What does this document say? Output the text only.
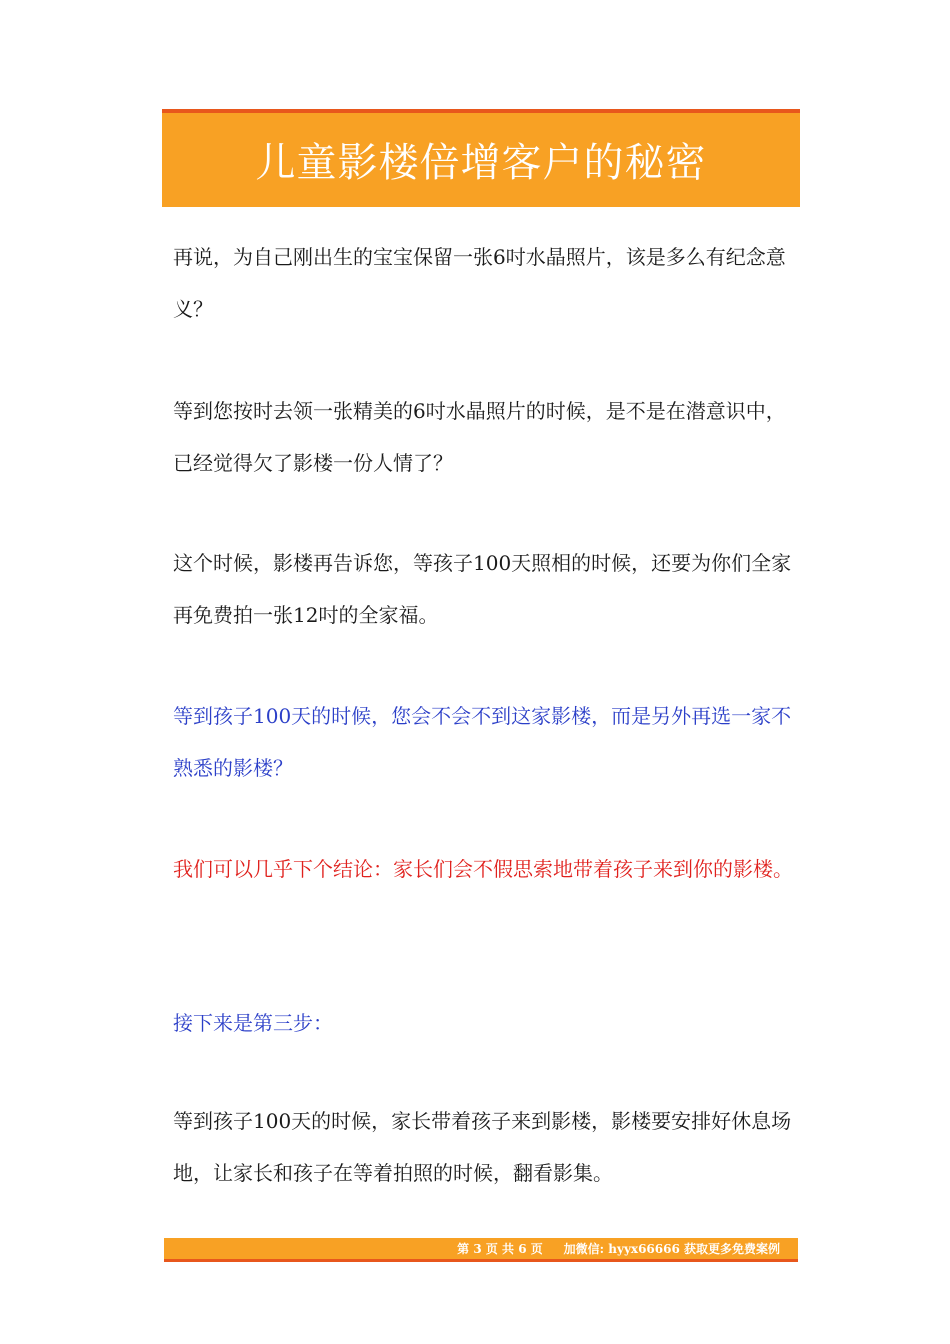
儿童影楼倍增客户的秘密

再说，为自己刚出生的宝宝保留一张6吋水晶照片，该是多么有纪念意义？

等到您按时去领一张精美的6吋水晶照片的时候，是不是在潜意识中，已经觉得欠了影楼一份人情了？

这个时候，影楼再告诉您，等孩子100天照相的时候，还要为你们全家再免费拍一张12吋的全家福。

等到孩子100天的时候，您会不会不到这家影楼，而是另外再选一家不熟悉的影楼？

我们可以几乎下个结论：家长们会不假思索地带着孩子来到你的影楼。

接下来是第三步：

等到孩子100天的时候，家长带着孩子来到影楼，影楼要安排好休息场地，让家长和孩子在等着拍照的时候，翻看影集。

第 3 页 共 6 页     加微信: hyyx66666 获取更多免费案例
